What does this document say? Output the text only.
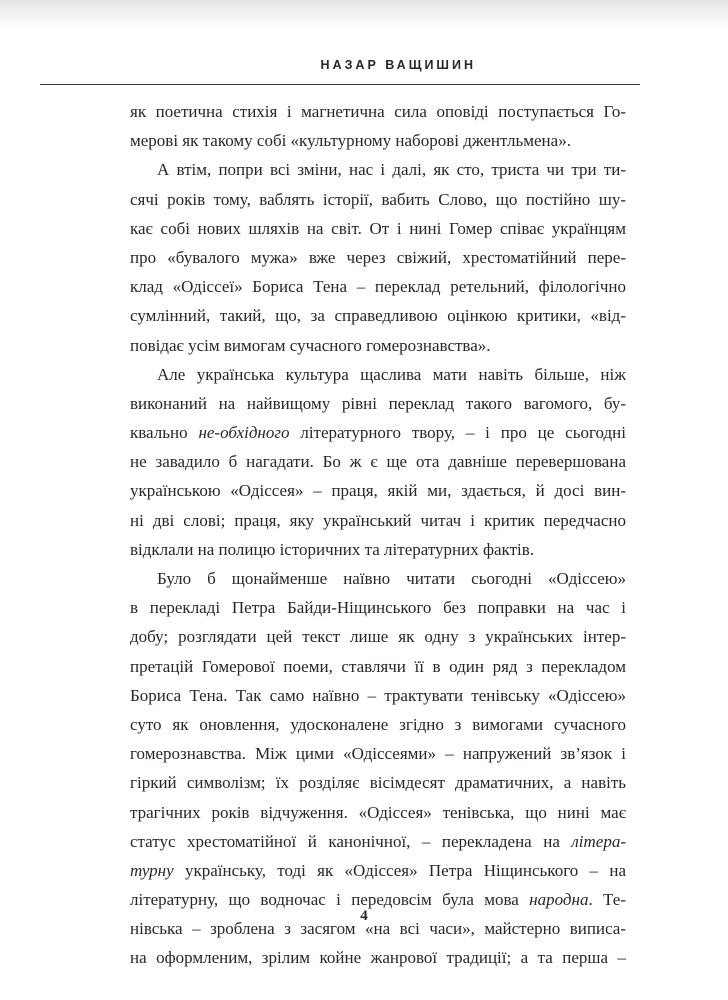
НАЗАР ВАЩИШИН
як поетична стихія і магнетична сила оповіді поступається Го-
мерові як такому собі «культурному наборові джентльмена».
А втім, попри всі зміни, нас і далі, як сто, триста чи три ти-
сячі років тому, ваблять історії, вабить Слово, що постійно шу-
кає собі нових шляхів на світ. От і нині Гомер співає українцям
про «бувалого мужа» вже через свіжий, хрестоматійний пере-
клад «Одіссеї» Бориса Тена – переклад ретельний, філологічно
сумлінний, такий, що, за справедливою оцінкою критики, «від-
повідає усім вимогам сучасного гомерознавства».
Але українська культура щаслива мати навіть більше, ніж
виконаний на найвищому рівні переклад такого вагомого, бу-
квально не-обхідного літературного твору, – і про це сьогодні
не завадило б нагадати. Бо ж є ще ота давніше перевершована
українською «Одіссея» – праця, якій ми, здається, й досі вин-
ні дві слові; праця, яку український читач і критик передчасно
відклали на полицю історичних та літературних фактів.
Було б щонайменше наївно читати сьогодні «Одіссею»
в перекладі Петра Байди-Ніщинського без поправки на час і
добу; розглядати цей текст лише як одну з українських інтер-
претацій Гомерової поеми, ставлячи її в один ряд з перекладом
Бориса Тена. Так само наївно – трактувати тенівську «Одіссею»
суто як оновлення, удосконалене згідно з вимогами сучасного
гомерознавства. Між цими «Одіссеями» – напружений зв’язок і
гіркий символізм; їх розділяє вісімдесят драматичних, а навіть
трагічних років відчуження. «Одіссея» тенівська, що нині має
статус хрестоматійної й канонічної, – перекладена на літера-
турну українську, тоді як «Одіссея» Петра Ніщинського – на
літературну, що водночас і передовсім була мова народна. Те-
нівська – зроблена з засягом «на всі часи», майстерно виписа-
на оформленим, зрілим койне жанрової традиції; а та перша –
4
